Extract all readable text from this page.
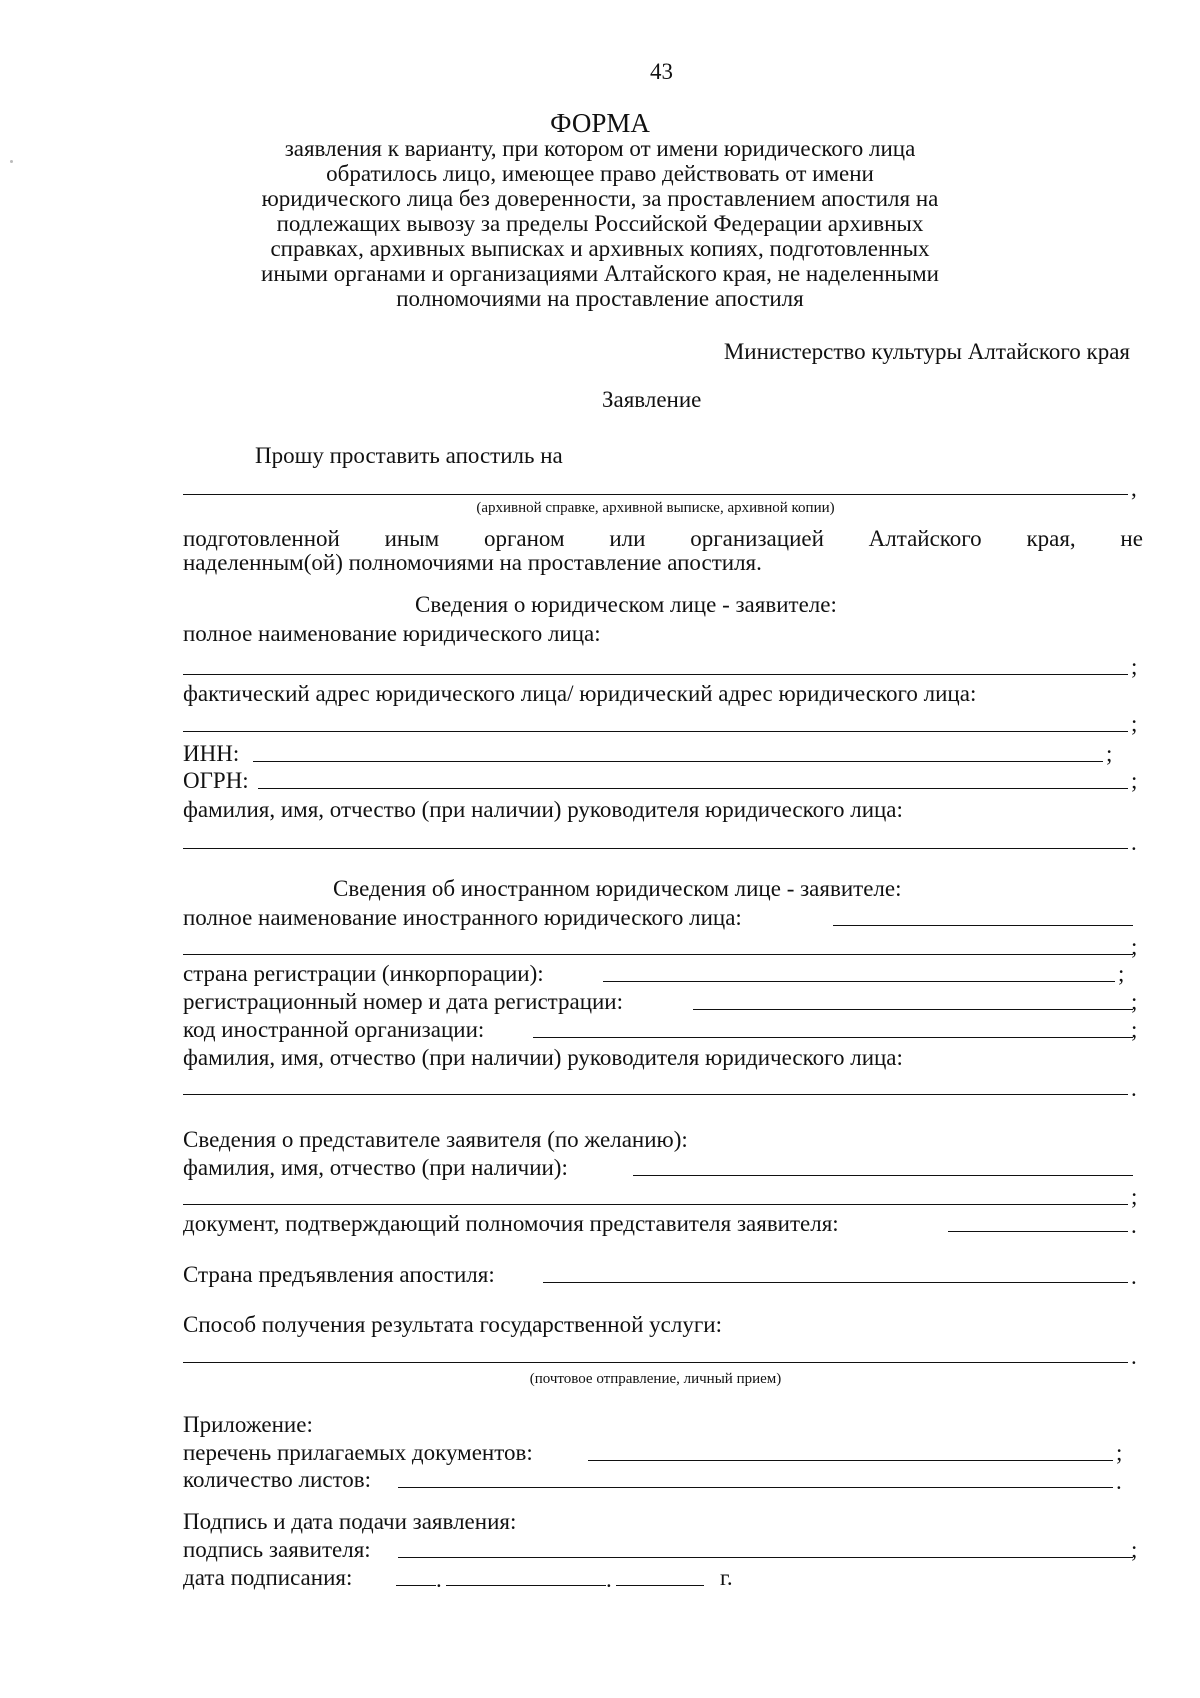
43
ФОРМА
заявления к варианту, при котором от имени юридического лица
обратилось лицо, имеющее право действовать от имени
юридического лица без доверенности, за проставлением апостиля на
подлежащих вывозу за пределы Российской Федерации архивных
справках, архивных выписках и архивных копиях, подготовленных
иными органами и организациями Алтайского края, не наделенными
полномочиями на проставление апостиля
Министерство культуры Алтайского края
Заявление
Прошу проставить апостиль на
,
(архивной справке, архивной выписке, архивной копии)
подготовленной иным органом или организацией Алтайского края, не
наделенным(ой) полномочиями на проставление апостиля.
Сведения о юридическом лице - заявителе:
полное наименование юридического лица:
;
фактический адрес юридического лица/ юридический адрес юридического лица:
;
ИНН:	;
ОГРН:	;
фамилия, имя, отчество (при наличии) руководителя юридического лица:
.
Сведения об иностранном юридическом лице - заявителе:
полное наименование иностранного юридического лица:
;
страна регистрации (инкорпорации):	;
регистрационный номер и дата регистрации:	;
код иностранной организации:	;
фамилия, имя, отчество (при наличии) руководителя юридического лица:
.
Сведения о представителе заявителя (по желанию):
фамилия, имя, отчество (при наличии):
;
документ, подтверждающий полномочия представителя заявителя:	.
Страна предъявления апостиля:	.
Способ получения результата государственной услуги:
.
(почтовое отправление, личный прием)
Приложение:
перечень прилагаемых документов:	;
количество листов:	.
Подпись и дата подачи заявления:
подпись заявителя:	;
дата подписания:	.	.	г.
